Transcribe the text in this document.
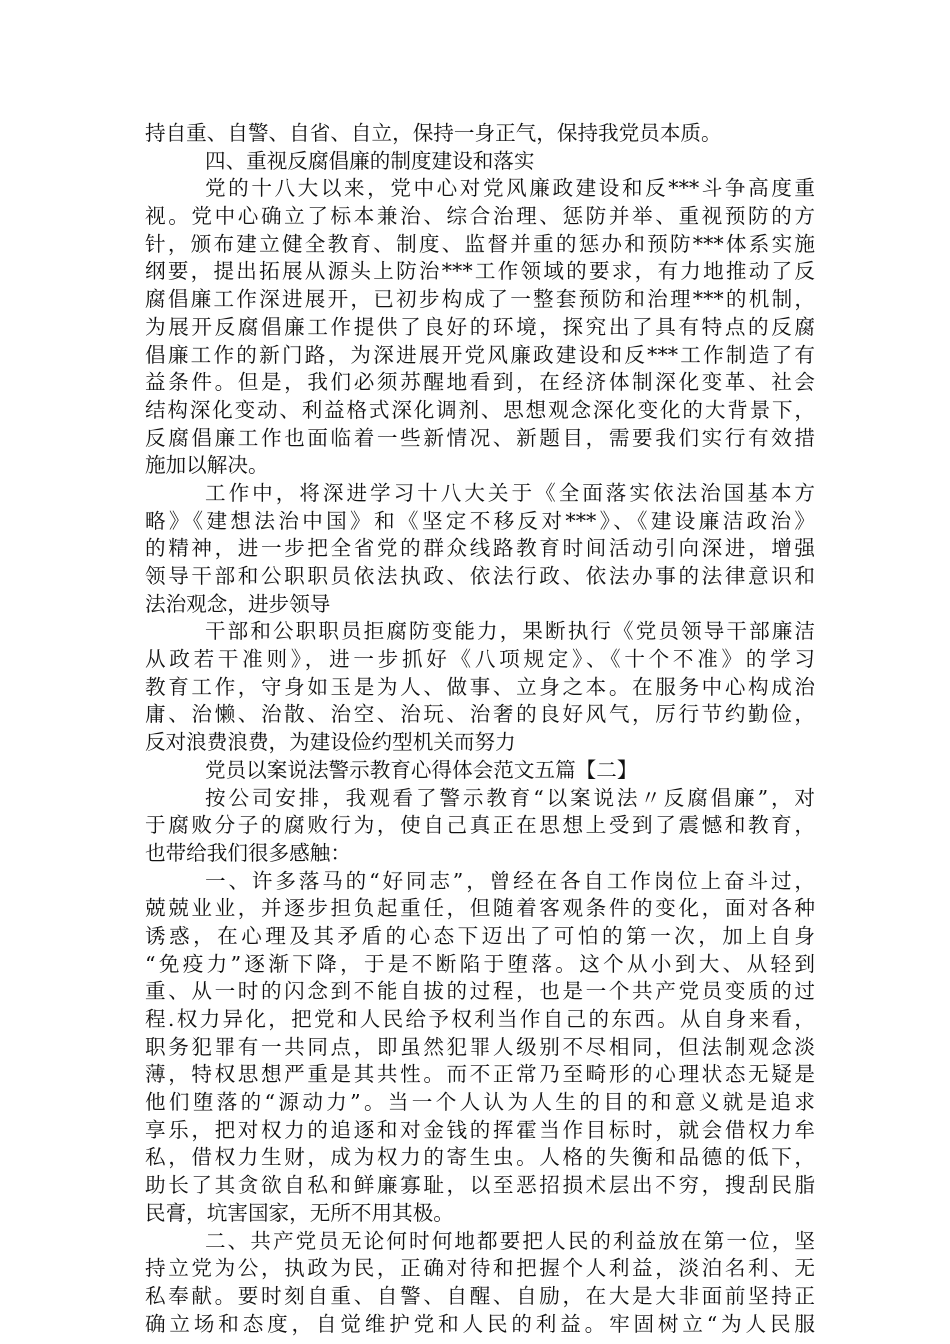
持自重、自警、自省、自立，保持一身正气，保持我党员本质。
四、重视反腐倡廉的制度建设和落实
党的十八大以来，党中心对党风廉政建设和反***斗争高度重
视。党中心确立了标本兼治、综合治理、惩防并举、重视预防的方
针，颁布建立健全教育、制度、监督并重的惩办和预防***体系实施
纲要，提出拓展从源头上防治***工作领域的要求，有力地推动了反
腐倡廉工作深进展开，已初步构成了一整套预防和治理***的机制，
为展开反腐倡廉工作提供了良好的环境，探究出了具有特点的反腐
倡廉工作的新门路，为深进展开党风廉政建设和反***工作制造了有
益条件。但是，我们必须苏醒地看到，在经济体制深化变革、社会
结构深化变动、利益格式深化调剂、思想观念深化变化的大背景下，
反腐倡廉工作也面临着一些新情况、新题目，需要我们实行有效措
施加以解决。
工作中，将深进学习十八大关于《全面落实依法治国基本方
略》《建想法治中国》和《坚定不移反对***》、《建设廉洁政治》
的精神，进一步把全省党的群众线路教育时间活动引向深进，增强
领导干部和公职职员依法执政、依法行政、依法办事的法律意识和
法治观念，进步领导
干部和公职职员拒腐防变能力，果断执行《党员领导干部廉洁
从政若干准则》，进一步抓好《八项规定》、《十个不准》的学习
教育工作，守身如玉是为人、做事、立身之本。在服务中心构成治
庸、治懒、治散、治空、治玩、治奢的良好风气，厉行节约勤俭，
反对浪费浪费，为建设俭约型机关而努力
党员以案说法警示教育心得体会范文五篇【二】
按公司安排，我观看了警示教育“以案说法〃反腐倡廉”，对
于腐败分子的腐败行为，使自己真正在思想上受到了震憾和教育，
也带给我们很多感触：
一、许多落马的“好同志”，曾经在各自工作岗位上奋斗过，
兢兢业业，并逐步担负起重任，但随着客观条件的变化，面对各种
诱惑，在心理及其矛盾的心态下迈出了可怕的第一次，加上自身
“免疫力”逐渐下降，于是不断陷于堕落。这个从小到大、从轻到
重、从一时的闪念到不能自拔的过程，也是一个共产党员变质的过
程.权力异化，把党和人民给予权利当作自己的东西。从自身来看，
职务犯罪有一共同点，即虽然犯罪人级别不尽相同，但法制观念淡
薄，特权思想严重是其共性。而不正常乃至畸形的心理状态无疑是
他们堕落的“源动力”。当一个人认为人生的目的和意义就是追求
享乐，把对权力的追逐和对金钱的挥霍当作目标时，就会借权力牟
私，借权力生财，成为权力的寄生虫。人格的失衡和品德的低下，
助长了其贪欲自私和鲜廉寡耻，以至恶招损术层出不穷，搜刮民脂
民膏，坑害国家，无所不用其极。
二、共产党员无论何时何地都要把人民的利益放在第一位，坚
持立党为公，执政为民，正确对待和把握个人利益，淡泊名利、无
私奉献。要时刻自重、自警、自醒、自励，在大是大非面前坚持正
确立场和态度，自觉维护党和人民的利益。牢固树立“为人民服
